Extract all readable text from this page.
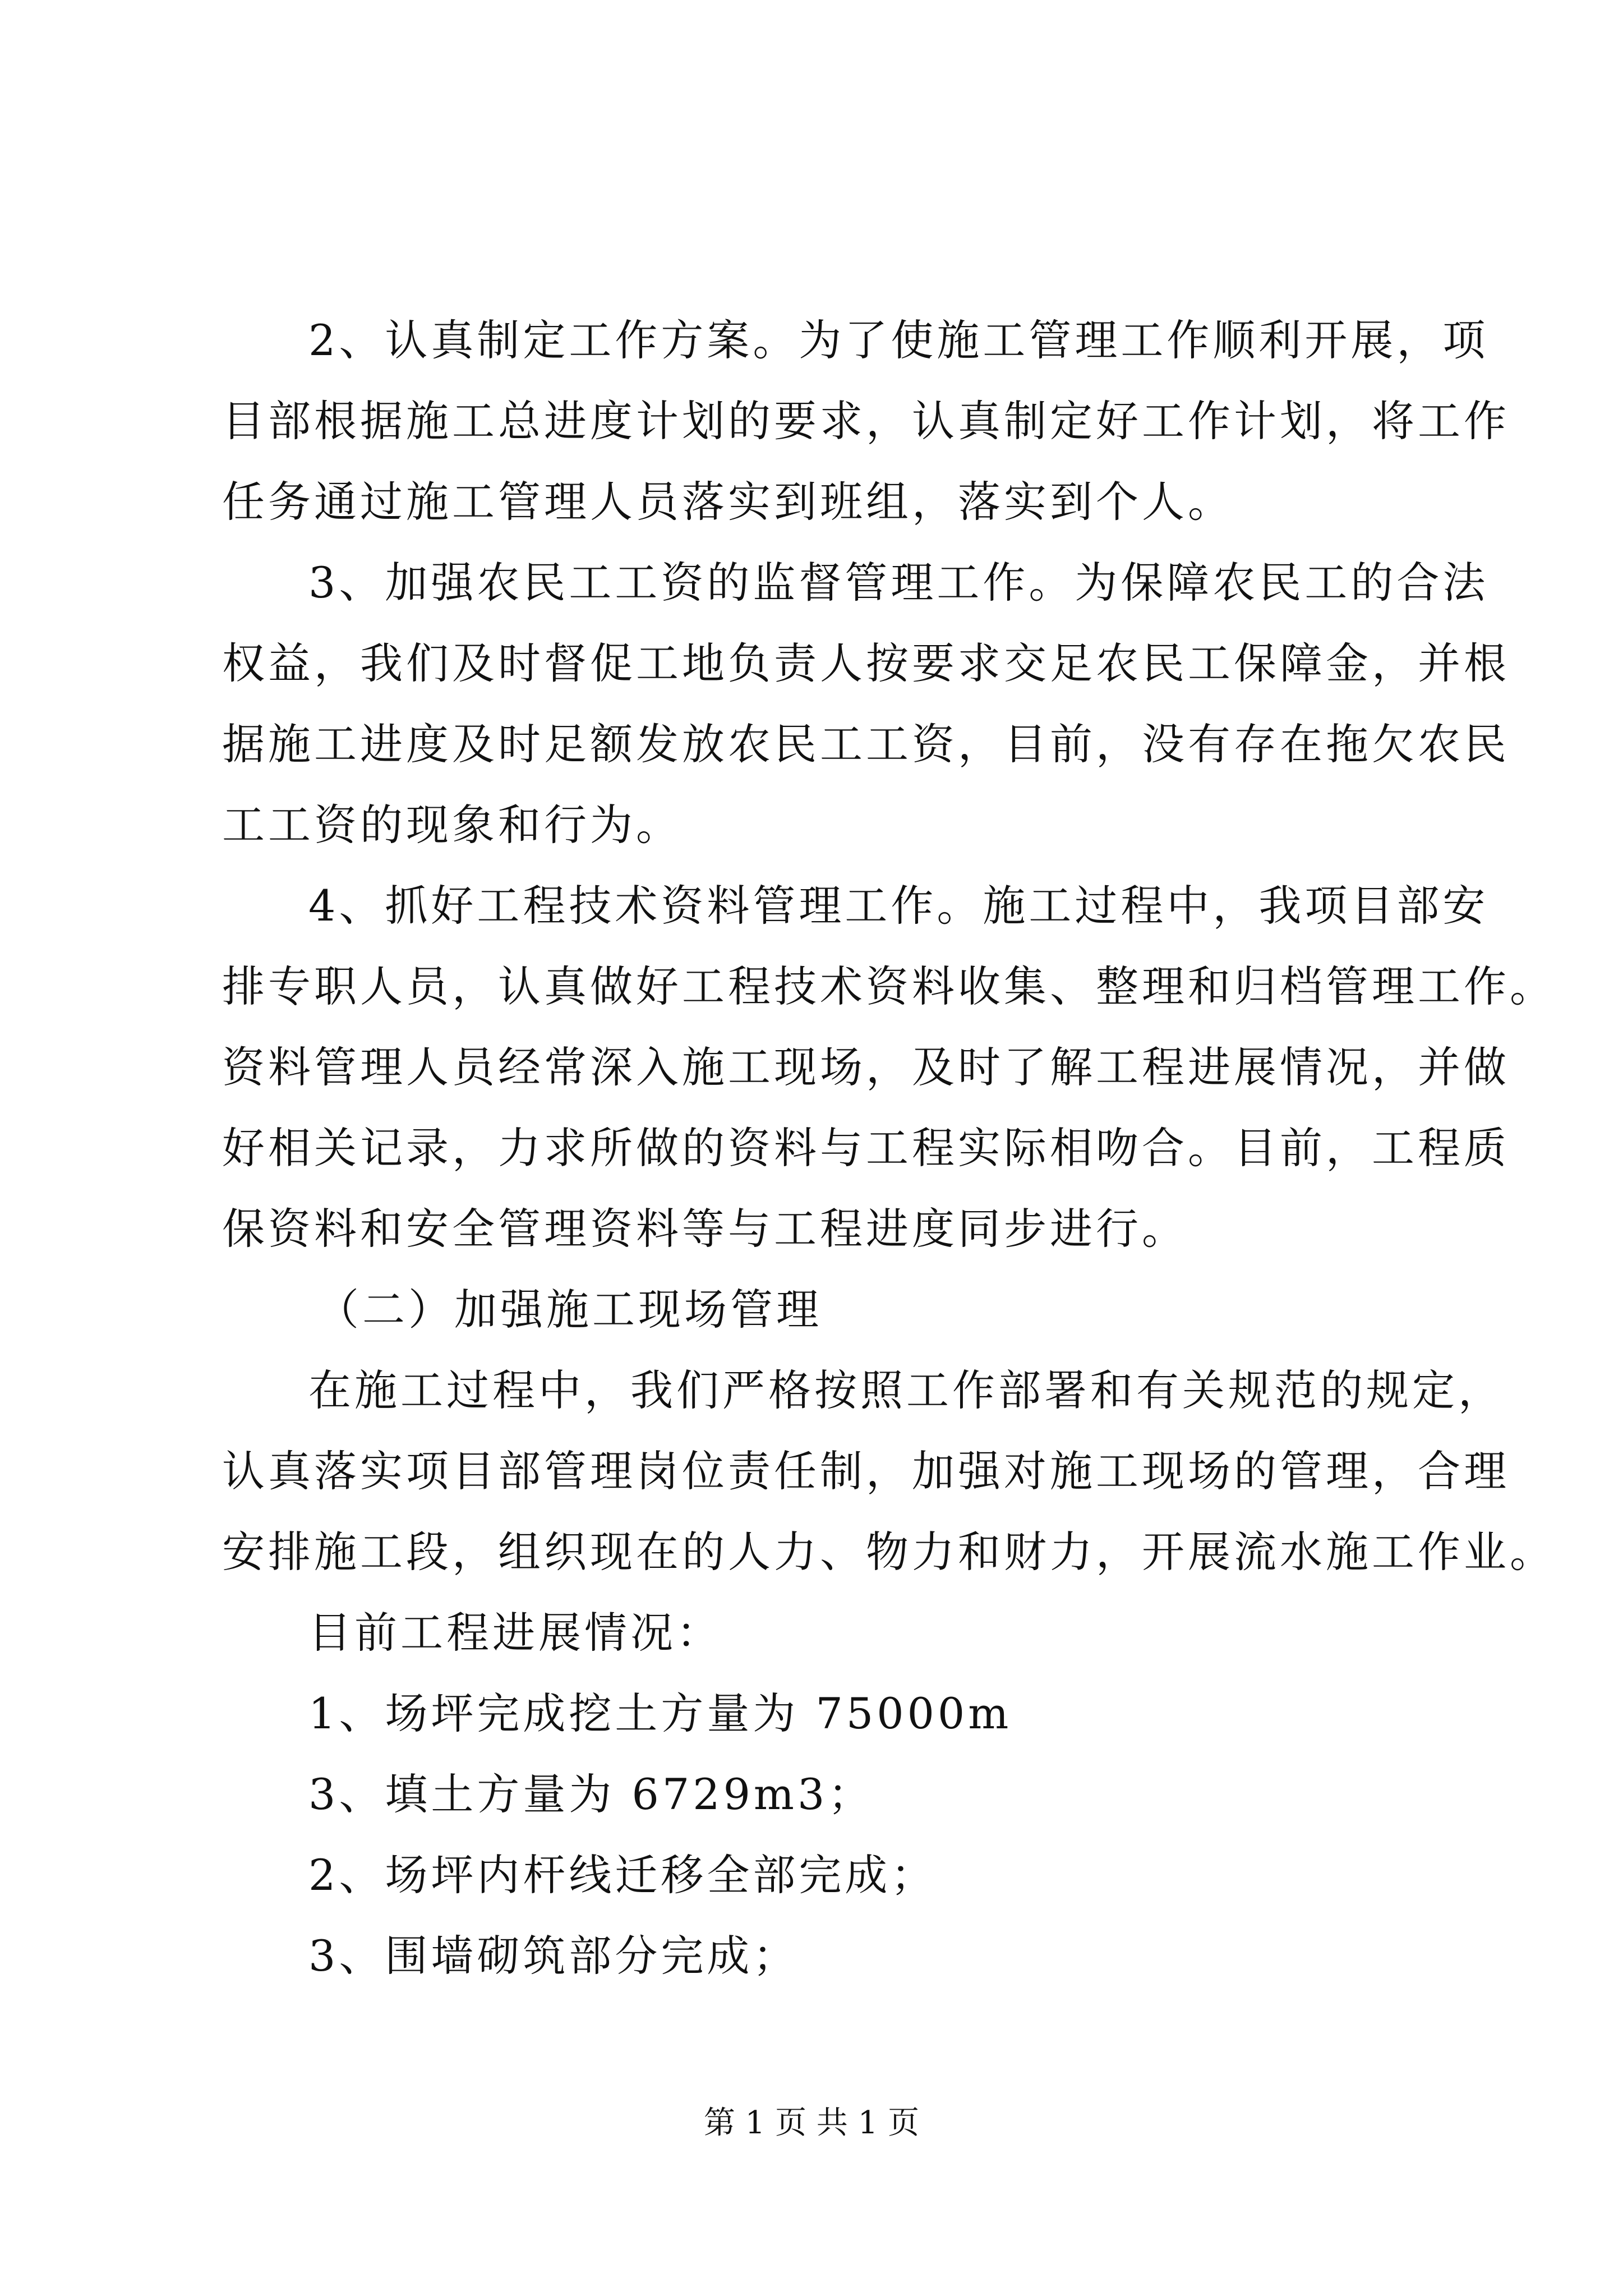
2、认真制定工作方案。为了使施工管理工作顺利开展，项
目部根据施工总进度计划的要求，认真制定好工作计划，将工作
任务通过施工管理人员落实到班组，落实到个人。
3、加强农民工工资的监督管理工作。为保障农民工的合法
权益，我们及时督促工地负责人按要求交足农民工保障金，并根
据施工进度及时足额发放农民工工资，目前，没有存在拖欠农民
工工资的现象和行为。
4、抓好工程技术资料管理工作。施工过程中，我项目部安
排专职人员，认真做好工程技术资料收集、整理和归档管理工作。
资料管理人员经常深入施工现场，及时了解工程进展情况，并做
好相关记录，力求所做的资料与工程实际相吻合。目前，工程质
保资料和安全管理资料等与工程进度同步进行。
（二）加强施工现场管理
在施工过程中，我们严格按照工作部署和有关规范的规定，
认真落实项目部管理岗位责任制，加强对施工现场的管理，合理
安排施工段，组织现在的人力、物力和财力，开展流水施工作业。
目前工程进展情况：
1、场坪完成挖土方量为 75000m
3、填土方量为 6729m3；
2、场坪内杆线迁移全部完成；
3、围墙砌筑部分完成；
第 1 页 共 1 页
